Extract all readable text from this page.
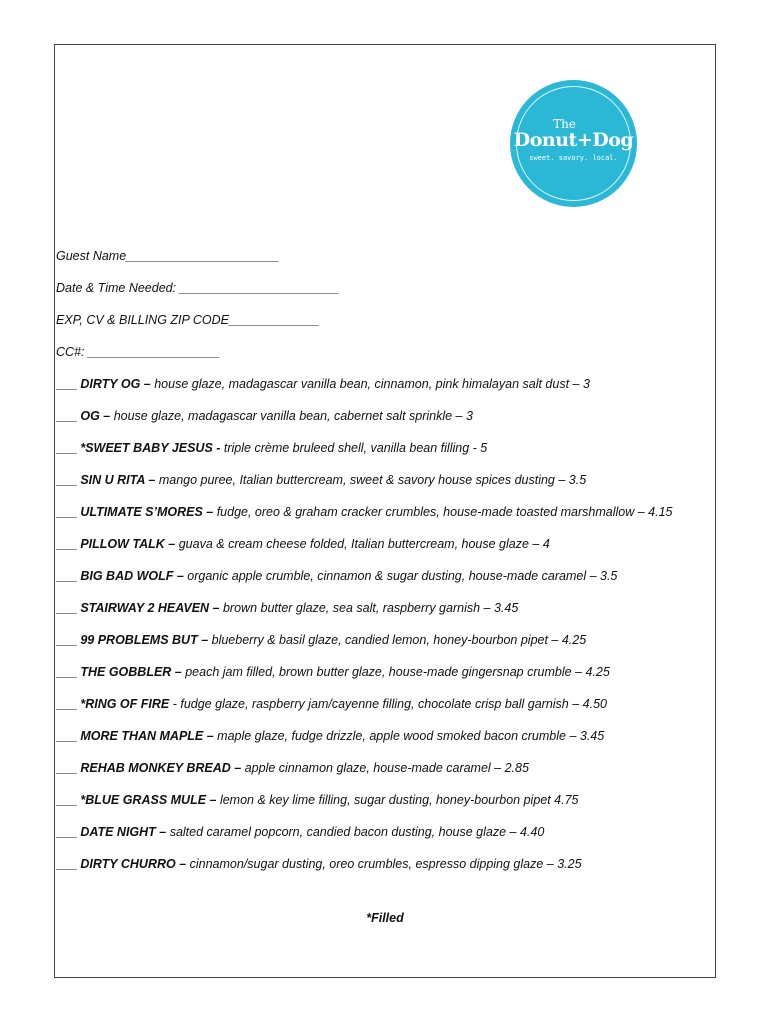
The
Donut+Dog
sweet. savory. local.
Guest Name______________________
Date & Time Needed: _______________________
EXP, CV & BILLING ZIP CODE_____________
CC#: ___________________
___ DIRTY OG – house glaze, madagascar vanilla bean, cinnamon, pink himalayan salt dust – 3
___ OG – house glaze, madagascar vanilla bean, cabernet salt sprinkle – 3
___ *SWEET BABY JESUS - triple crème bruleed shell, vanilla bean filling - 5
___ SIN U RITA – mango puree, Italian buttercream, sweet & savory house spices dusting – 3.5
___ ULTIMATE S’MORES – fudge, oreo & graham cracker crumbles, house-made toasted marshmallow – 4.15
___ PILLOW TALK – guava & cream cheese folded, Italian buttercream, house glaze – 4
___ BIG BAD WOLF – organic apple crumble, cinnamon & sugar dusting, house-made caramel – 3.5
___ STAIRWAY 2 HEAVEN – brown butter glaze, sea salt, raspberry garnish – 3.45
___ 99 PROBLEMS BUT – blueberry & basil glaze, candied lemon, honey-bourbon pipet – 4.25
___ THE GOBBLER – peach jam filled, brown butter glaze, house-made gingersnap crumble – 4.25
___ *RING OF FIRE - fudge glaze, raspberry jam/cayenne filling, chocolate crisp ball garnish – 4.50
___ MORE THAN MAPLE – maple glaze, fudge drizzle, apple wood smoked bacon crumble – 3.45
___ REHAB MONKEY BREAD – apple cinnamon glaze, house-made caramel – 2.85
___ *BLUE GRASS MULE – lemon & key lime filling, sugar dusting, honey-bourbon pipet 4.75
___ DATE NIGHT – salted caramel popcorn, candied bacon dusting, house glaze – 4.40
___ DIRTY CHURRO – cinnamon/sugar dusting, oreo crumbles, espresso dipping glaze – 3.25
*Filled
